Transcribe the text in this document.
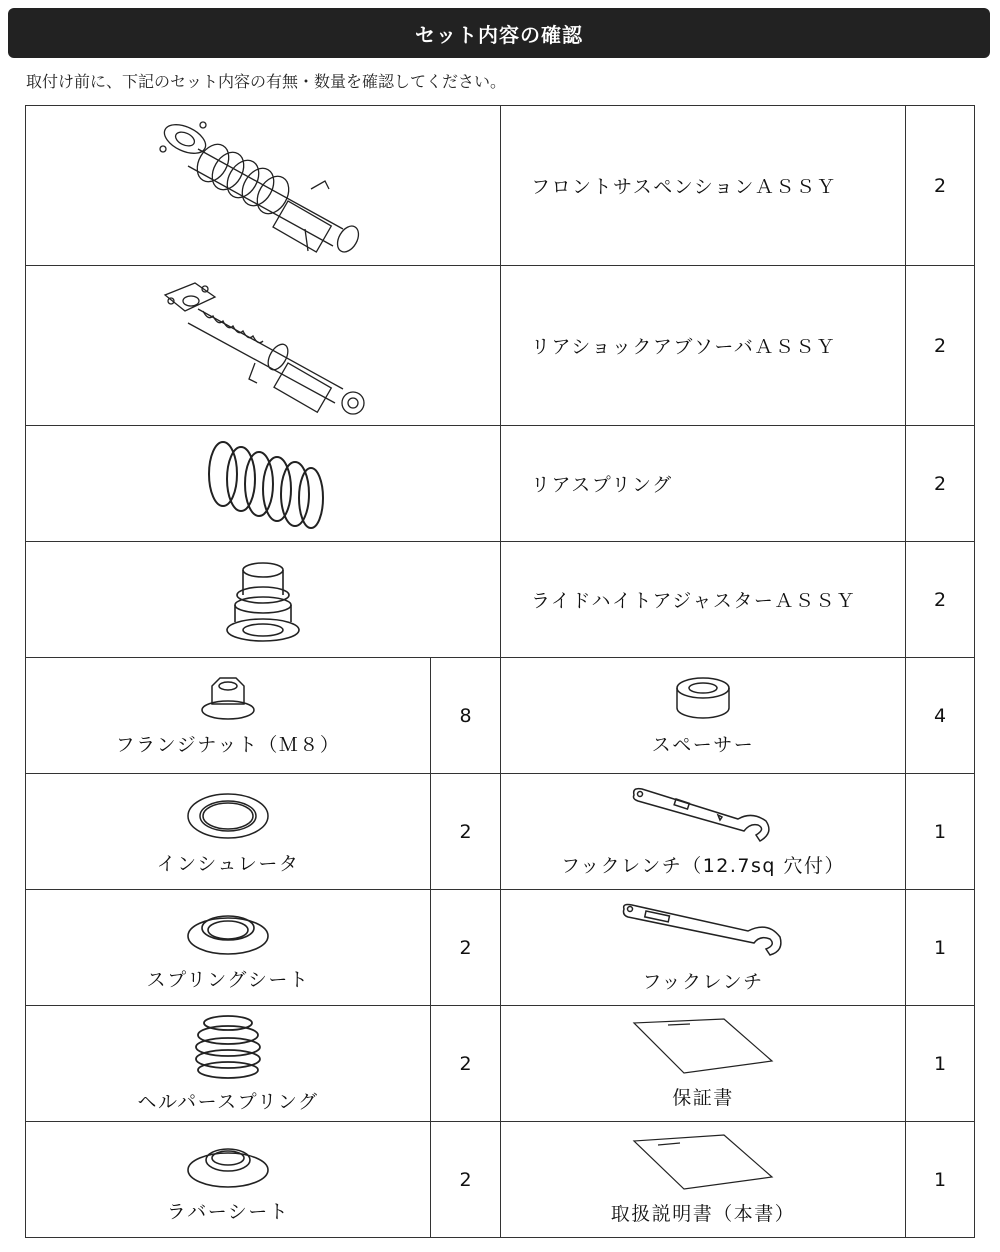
セット内容の確認
取付け前に、下記のセット内容の有無・数量を確認してください。
	フロントサスペンションＡＳＳＹ	2

	リアショックアブソーバＡＳＳＹ	2

	リアスプリング	2

	ライドハイトアジャスターＡＳＳＹ	2

フランジナット（Ｍ８）	8	スペーサー	4

インシュレータ	2	フックレンチ（12.7sq 穴付）	1

スプリングシート	2	フックレンチ	1

ヘルパースプリング	2	保証書	1

ラバーシート	2	取扱説明書（本書）	1
